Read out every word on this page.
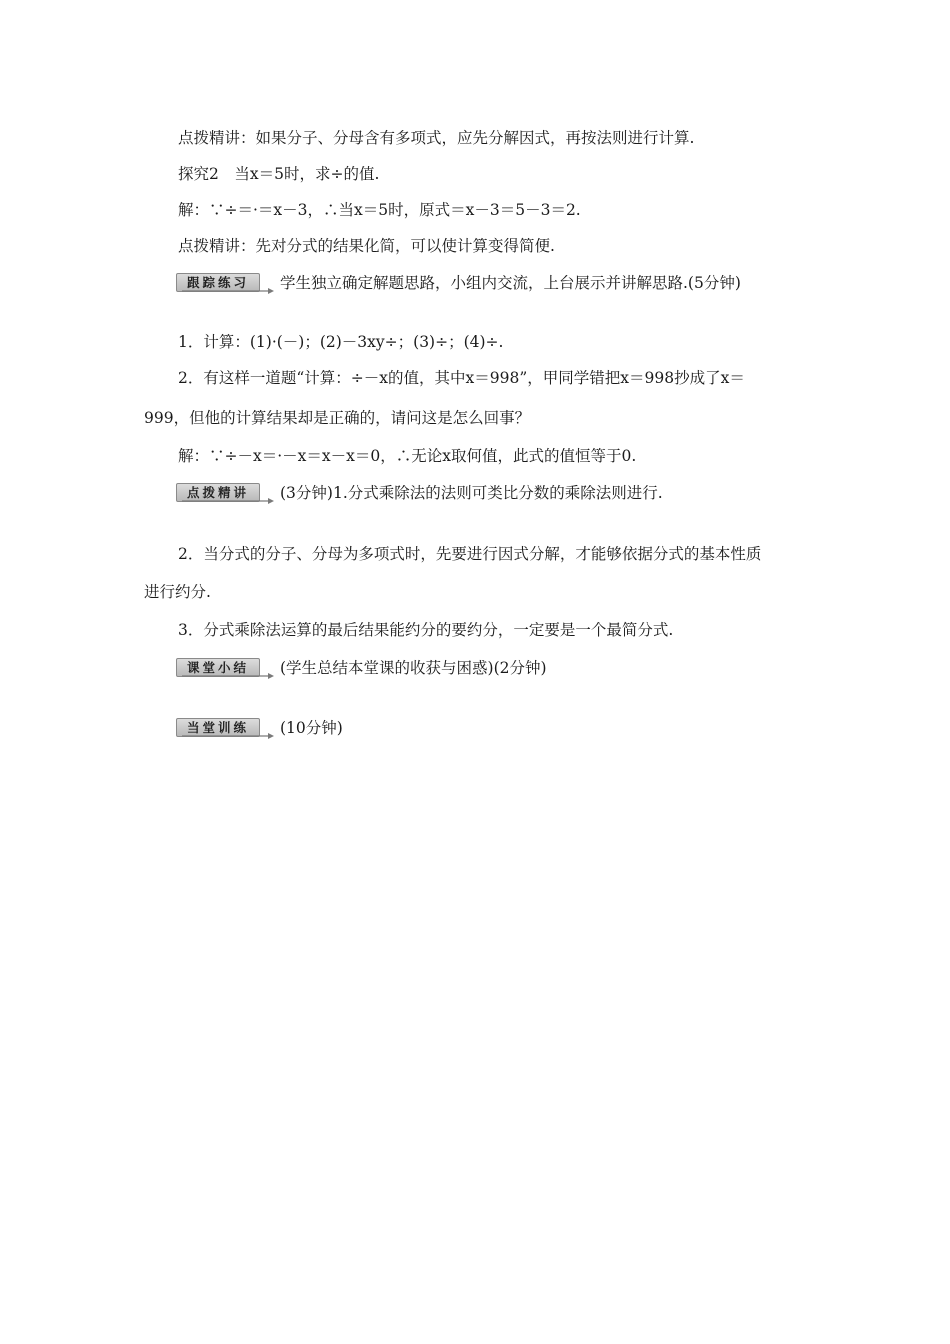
点拨精讲：如果分子、分母含有多项式，应先分解因式，再按法则进行计算.
探究2　当x＝5时，求÷的值.
解：∵÷＝·＝x－3，∴当x＝5时，原式＝x－3＝5－3＝2.
点拨精讲：先对分式的结果化简，可以使计算变得简便.
跟踪练习	学生独立确定解题思路，小组内交流，上台展示并讲解思路.(5分钟)
1．计算：(1)·(－)；(2)－3xy÷；(3)÷；(4)÷.
2．有这样一道题“计算：÷－x的值，其中x＝998”，甲同学错把x＝998抄成了x＝
999，但他的计算结果却是正确的，请问这是怎么回事？
解：∵÷－x＝·－x＝x－x＝0，∴无论x取何值，此式的值恒等于0.
点拨精讲	(3分钟)1.分式乘除法的法则可类比分数的乘除法则进行.
2．当分式的分子、分母为多项式时，先要进行因式分解，才能够依据分式的基本性质
进行约分.
3．分式乘除法运算的最后结果能约分的要约分，一定要是一个最简分式.
课堂小结	(学生总结本堂课的收获与困惑)(2分钟)
当堂训练	(10分钟)
